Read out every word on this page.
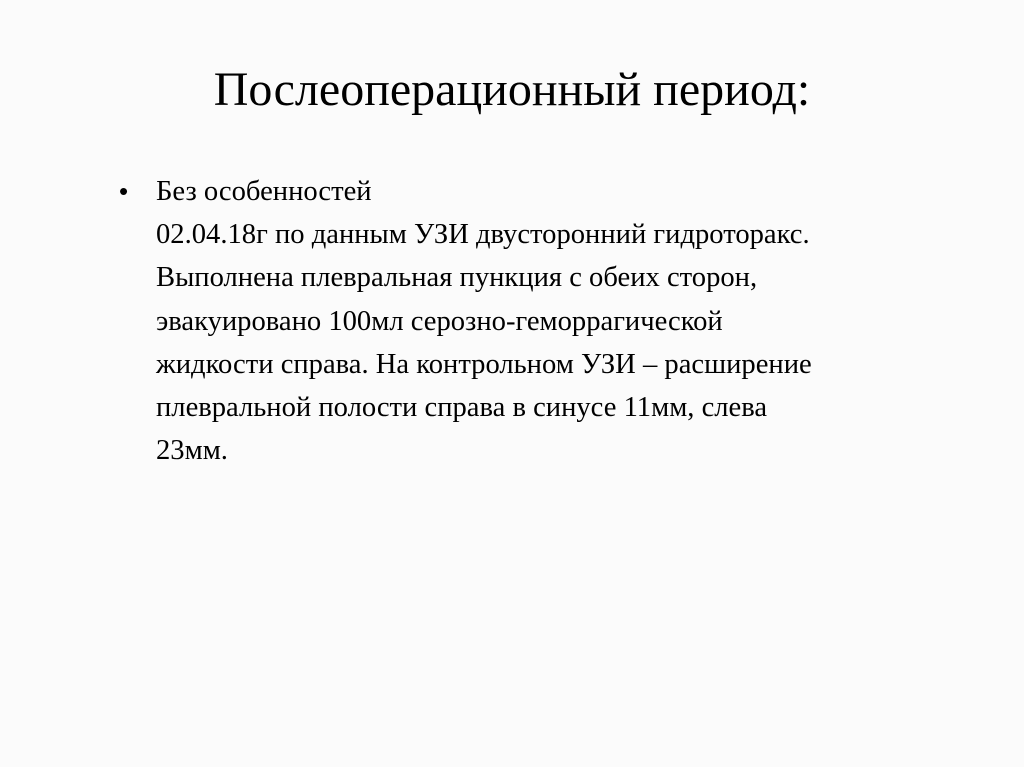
Послеоперационный период:
• Без особенностей
02.04.18г по данным УЗИ двусторонний гидроторакс.
Выполнена плевральная пункция с обеих сторон,
эвакуировано 100мл серозно-геморрагической
жидкости справа. На контрольном УЗИ – расширение
плевральной полости справа в синусе 11мм, слева
23мм.
